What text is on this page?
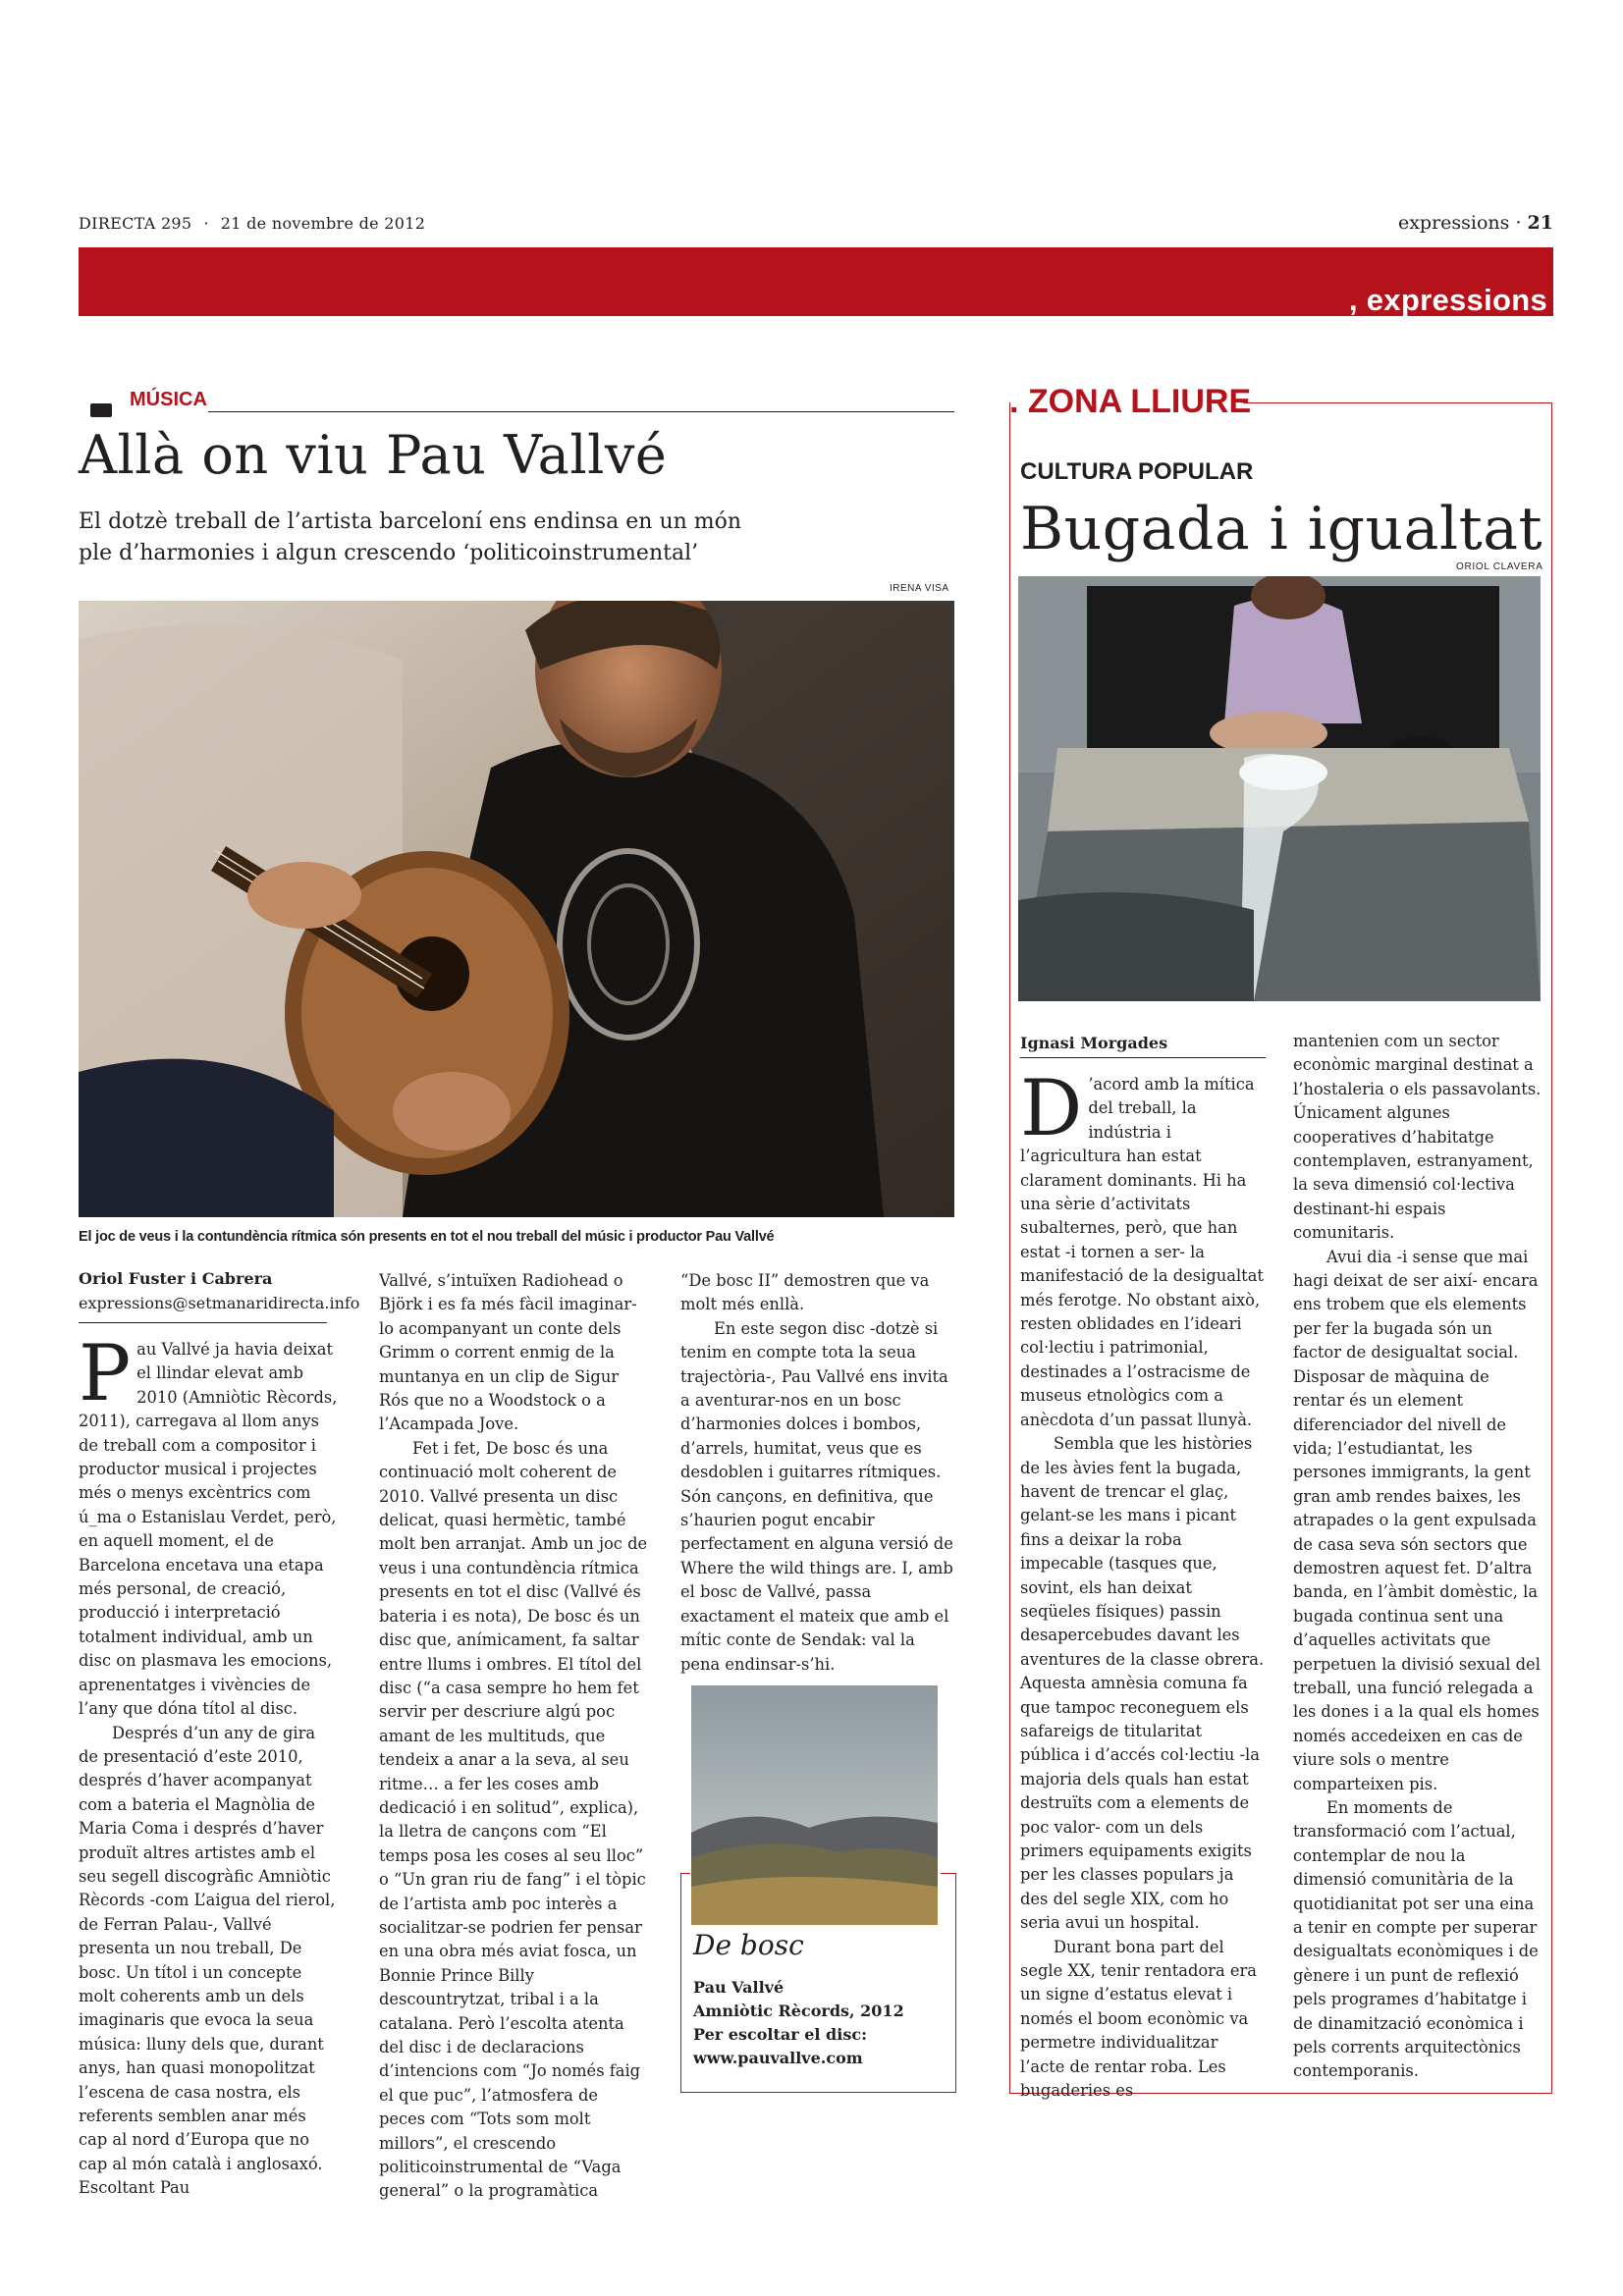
DIRECTA 295 · 21 de novembre de 2012	expressions · 21
, expressions
MÚSICA
Allà on viu Pau Vallvé
El dotzè treball de l’artista barceloní ens endinsa en un món
ple d’harmonies i algun crescendo ‘politicoinstrumental’
IRENA VISA
El joc de veus i la contundència rítmica són presents en tot el nou treball del músic i productor Pau Vallvé
Oriol Fuster i Cabrera
expressions@setmanaridirecta.info

Pau Vallvé ja havia deixat el llindar elevat amb 2010 (Amniòtic Rècords, 2011), carregava al llom anys de treball com a compositor i productor musical i projectes més o menys excèntrics com ú_ma o Estanislau Verdet, però, en aquell moment, el de Barcelona encetava una etapa més personal, de creació, producció i interpretació totalment individual, amb un disc on plasmava les emocions, aprenentatges i vivències de l’any que dóna títol al disc.

Després d’un any de gira de presentació d’este 2010, després d’haver acompanyat com a bateria el Magnòlia de Maria Coma i després d’haver produït altres artistes amb el seu segell discogràfic Amniòtic Rècords -com L’aigua del rierol, de Ferran Palau-, Vallvé presenta un nou treball, De bosc. Un títol i un concepte molt coherents amb un dels imaginaris que evoca la seua música: lluny dels que, durant anys, han quasi monopolitzat l’escena de casa nostra, els referents semblen anar més cap al nord d’Europa que no cap al món català i anglosaxó. Escoltant Pau

Vallvé, s’intuïxen Radiohead o Björk i es fa més fàcil imaginar-lo acompanyant un conte dels Grimm o corrent enmig de la muntanya en un clip de Sigur Rós que no a Woodstock o a l’Acampada Jove.

Fet i fet, De bosc és una continuació molt coherent de 2010. Vallvé presenta un disc delicat, quasi hermètic, també molt ben arranjat. Amb un joc de veus i una contundència rítmica presents en tot el disc (Vallvé és bateria i es nota), De bosc és un disc que, anímicament, fa saltar entre llums i ombres. El títol del disc (“a casa sempre ho hem fet servir per descriure algú poc amant de les multituds, que tendeix a anar a la seva, al seu ritme… a fer les coses amb dedicació i en solitud”, explica), la lletra de cançons com “El temps posa les coses al seu lloc” o “Un gran riu de fang” i el tòpic de l’artista amb poc interès a socialitzar-se podrien fer pensar en una obra més aviat fosca, un Bonnie Prince Billy descountrytzat, tribal i a la catalana. Però l’escolta atenta del disc i de declaracions d’intencions com “Jo només faig el que puc”, l’atmosfera de peces com “Tots som molt millors”, el crescendo politicoinstrumental de “Vaga general” o la programàtica

“De bosc II” demostren que va molt més enllà.

En este segon disc -dotzè si tenim en compte tota la seua trajectòria-, Pau Vallvé ens invita a aventurar-nos en un bosc d’harmonies dolces i bombos, d’arrels, humitat, veus que es desdoblen i guitarres rítmiques. Són cançons, en definitiva, que s’haurien pogut encabir perfectament en alguna versió de Where the wild things are. I, amb el bosc de Vallvé, passa exactament el mateix que amb el mític conte de Sendak: val la pena endinsar-s’hi.

De bosc
Pau Vallvé
Amniòtic Rècords, 2012
Per escoltar el disc:
www.pauvallve.com
. ZONA LLIURE
CULTURA POPULAR
Bugada i igualtat
ORIOL CLAVERA
Ignasi Morgades

D ’acord amb la mítica del treball, la indústria i l’agricultura han estat clarament dominants. Hi ha una sèrie d’activitats subalternes, però, que han estat -i tornen a ser- la manifestació de la desigualtat més ferotge. No obstant això, resten oblidades en l’ideari col·lectiu i patrimonial, destinades a l’ostracisme de museus etnològics com a anècdota d’un passat llunyà.

Sembla que les històries de les àvies fent la bugada, havent de trencar el glaç, gelant-se les mans i picant fins a deixar la roba impecable (tasques que, sovint, els han deixat seqüeles físiques) passin desapercebudes davant les aventures de la classe obrera. Aquesta amnèsia comuna fa que tampoc reconeguem els safareigs de titularitat pública i d’accés col·lectiu -la majoria dels quals han estat destruïts com a elements de poc valor- com un dels primers equipaments exigits per les classes populars ja des del segle XIX, com ho seria avui un hospital.

Durant bona part del segle XX, tenir rentadora era un signe d’estatus elevat i només el boom econòmic va permetre individualitzar l’acte de rentar roba. Les bugaderies es

mantenien com un sector econòmic marginal destinat a l’hostaleria o els passavolants. Únicament algunes cooperatives d’habitatge contemplaven, estranyament, la seva dimensió col·lectiva destinant-hi espais comunitaris.

Avui dia -i sense que mai hagi deixat de ser així- encara ens trobem que els elements per fer la bugada són un factor de desigualtat social. Disposar de màquina de rentar és un element diferenciador del nivell de vida; l’estudiantat, les persones immigrants, la gent gran amb rendes baixes, les atrapades o la gent expulsada de casa seva són sectors que demostren aquest fet. D’altra banda, en l’àmbit domèstic, la bugada continua sent una d’aquelles activitats que perpetuen la divisió sexual del treball, una funció relegada a les dones i a la qual els homes només accedeixen en cas de viure sols o mentre comparteixen pis.

En moments de transformació com l’actual, contemplar de nou la dimensió comunitària de la quotidianitat pot ser una eina a tenir en compte per superar desigualtats econòmiques i de gènere i un punt de reflexió pels programes d’habitatge i de dinamització econòmica i pels corrents arquitectònics contemporanis.
